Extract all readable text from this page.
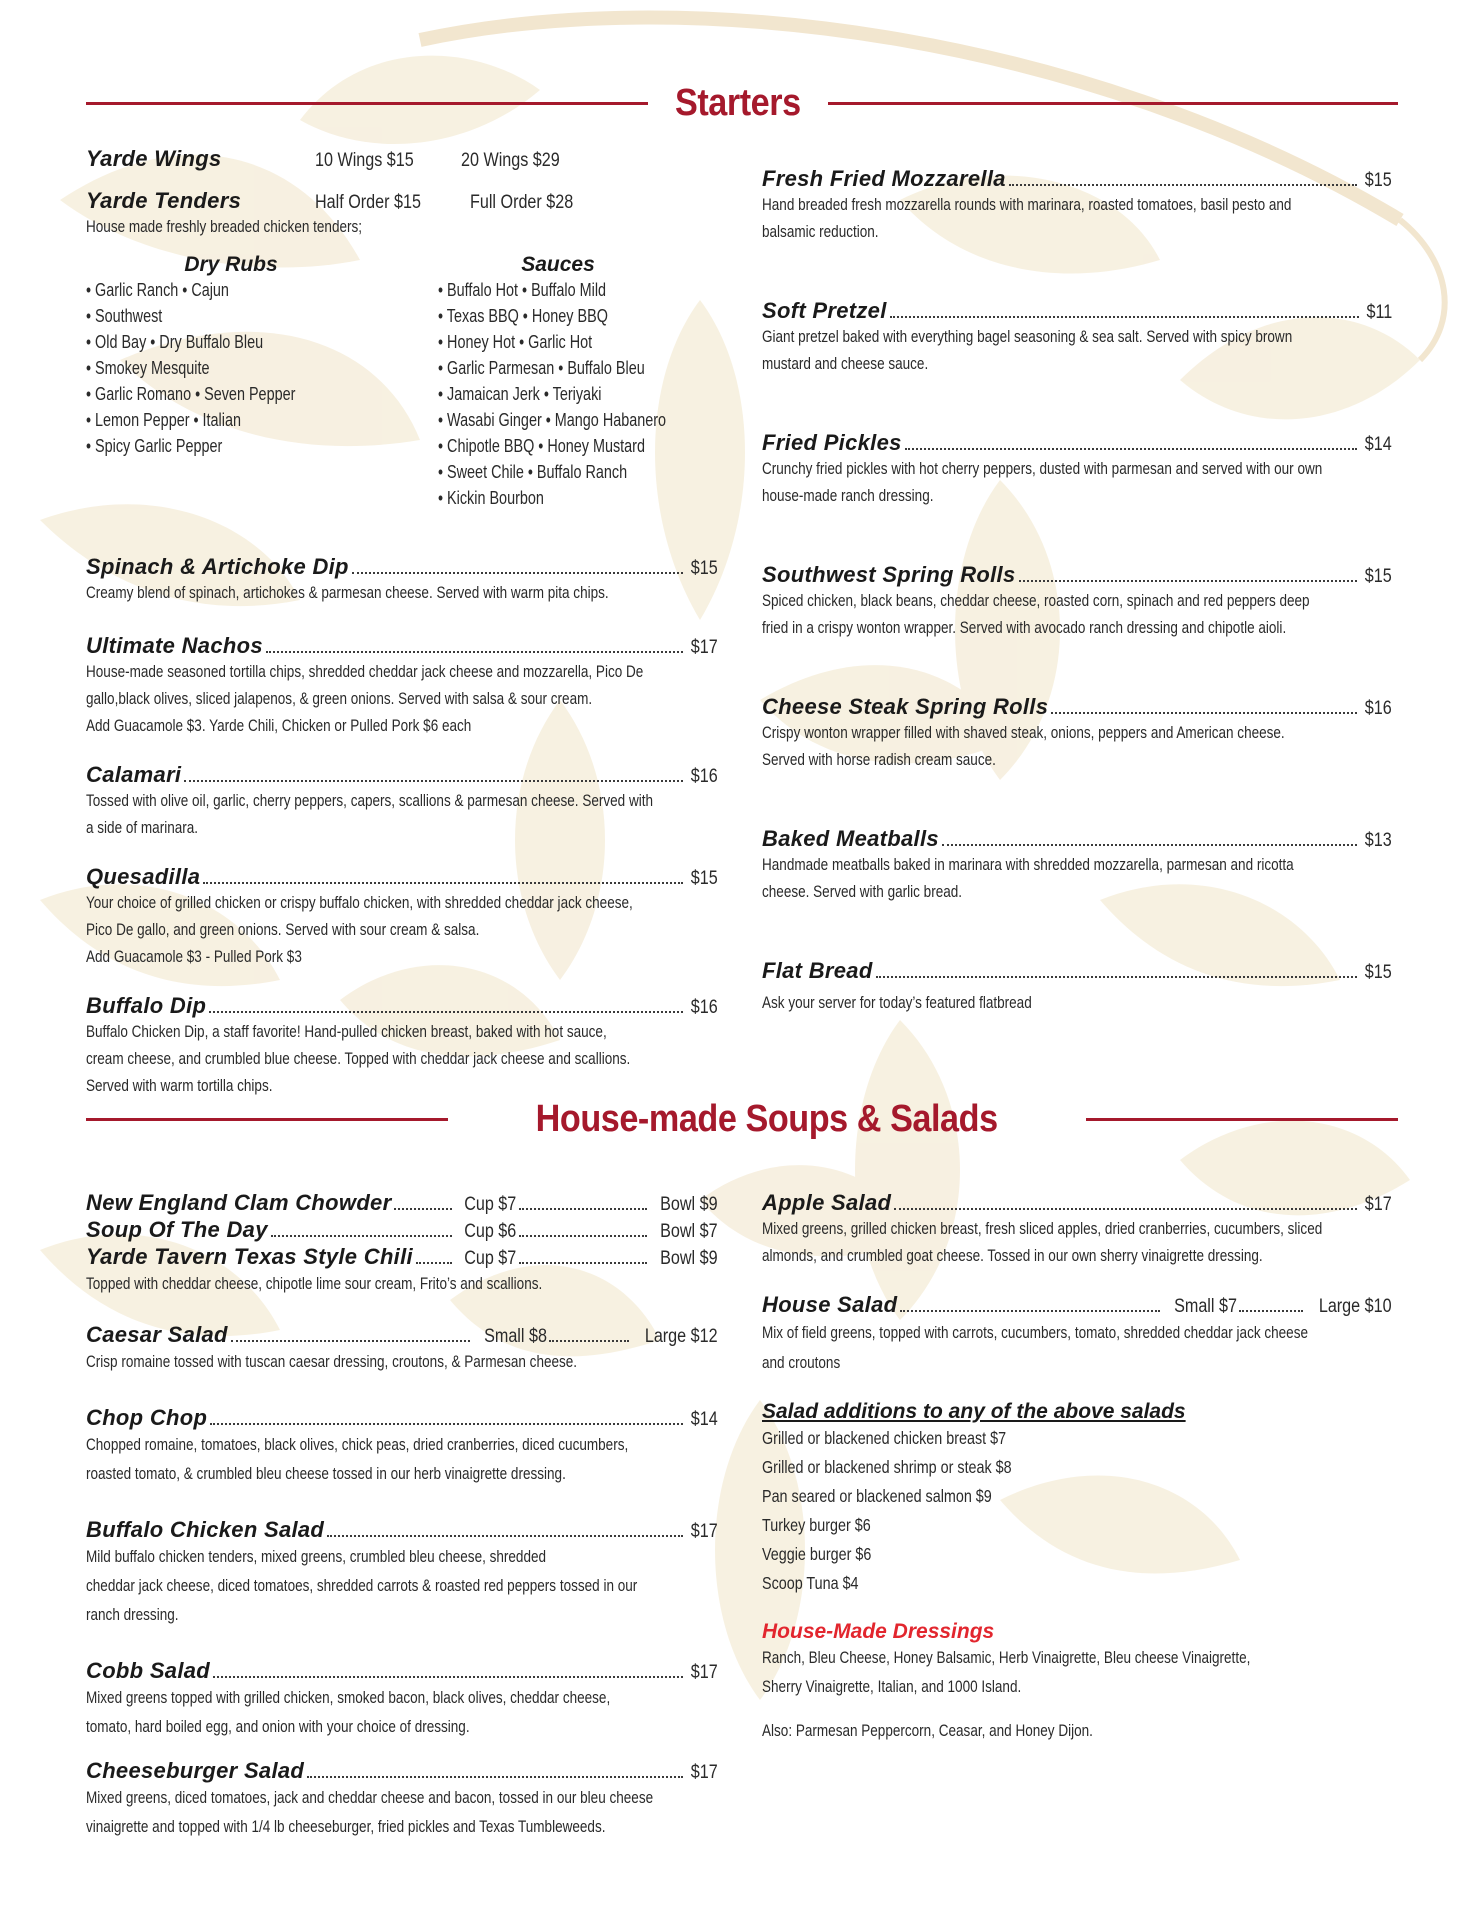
Starters
Yarde Wings	10 Wings $15 20 Wings $29
Yarde Tenders	Half Order $15	Full Order $28
House made freshly breaded chicken tenders;
Dry Rubs
• Garlic Ranch • Cajun
• Southwest
• Old Bay • Dry Buffalo Bleu
• Smokey Mesquite
• Garlic Romano • Seven Pepper
• Lemon Pepper • Italian
• Spicy Garlic Pepper
Sauces
• Buffalo Hot • Buffalo Mild
• Texas BBQ • Honey BBQ
• Honey Hot • Garlic Hot
• Garlic Parmesan • Buffalo Bleu
• Jamaican Jerk • Teriyaki
• Wasabi Ginger • Mango Habanero
• Chipotle BBQ • Honey Mustard
• Sweet Chile • Buffalo Ranch
• Kickin Bourbon
Spinach & Artichoke Dip	$15
Creamy blend of spinach, artichokes & parmesan cheese. Served with warm pita chips.
Ultimate Nachos	$17
House-made seasoned tortilla chips, shredded cheddar jack cheese and mozzarella, Pico De
gallo,black olives, sliced jalapenos, & green onions. Served with salsa & sour cream.
Add Guacamole $3. Yarde Chili, Chicken or Pulled Pork $6 each
Calamari	$16
Tossed with olive oil, garlic, cherry peppers, capers, scallions & parmesan cheese. Served with
a side of marinara.
Quesadilla	$15
Your choice of grilled chicken or crispy buffalo chicken, with shredded cheddar jack cheese,
Pico De gallo, and green onions. Served with sour cream & salsa.
Add Guacamole $3 - Pulled Pork $3
Buffalo Dip	$16
Buffalo Chicken Dip, a staff favorite! Hand-pulled chicken breast, baked with hot sauce,
cream cheese, and crumbled blue cheese. Topped with cheddar jack cheese and scallions.
Served with warm tortilla chips.
Fresh Fried Mozzarella	$15
Hand breaded fresh mozzarella rounds with marinara, roasted tomatoes, basil pesto and
balsamic reduction.
Soft Pretzel	$11
Giant pretzel baked with everything bagel seasoning & sea salt. Served with spicy brown
mustard and cheese sauce.
Fried Pickles	$14
Crunchy fried pickles with hot cherry peppers, dusted with parmesan and served with our own
house-made ranch dressing.
Southwest Spring Rolls	$15
Spiced chicken, black beans, cheddar cheese, roasted corn, spinach and red peppers deep
fried in a crispy wonton wrapper. Served with avocado ranch dressing and chipotle aioli.
Cheese Steak Spring Rolls	$16
Crispy wonton wrapper filled with shaved steak, onions, peppers and American cheese.
Served with horse radish cream sauce.
Baked Meatballs	$13
Handmade meatballs baked in marinara with shredded mozzarella, parmesan and ricotta
cheese. Served with garlic bread.
Flat Bread	$15
Ask your server for today’s featured flatbread
House-made Soups & Salads
New England Clam Chowder	Cup $7	Bowl $9
Soup Of The Day	Cup $6	Bowl $7
Yarde Tavern Texas Style Chili	Cup $7	Bowl $9
Topped with cheddar cheese, chipotle lime sour cream, Frito’s and scallions.
Caesar Salad	Small $8	Large $12
Crisp romaine tossed with tuscan caesar dressing, croutons, & Parmesan cheese.
Chop Chop	$14
Chopped romaine, tomatoes, black olives, chick peas, dried cranberries, diced cucumbers,
roasted tomato, & crumbled bleu cheese tossed in our herb vinaigrette dressing.
Buffalo Chicken Salad	$17
Mild buffalo chicken tenders, mixed greens, crumbled bleu cheese, shredded
cheddar jack cheese, diced tomatoes, shredded carrots & roasted red peppers tossed in our
ranch dressing.
Cobb Salad	$17
Mixed greens topped with grilled chicken, smoked bacon, black olives, cheddar cheese,
tomato, hard boiled egg, and onion with your choice of dressing.
Cheeseburger Salad	$17
Mixed greens, diced tomatoes, jack and cheddar cheese and bacon, tossed in our bleu cheese
vinaigrette and topped with 1/4 lb cheeseburger, fried pickles and Texas Tumbleweeds.
Apple Salad	$17
Mixed greens, grilled chicken breast, fresh sliced apples, dried cranberries, cucumbers, sliced
almonds, and crumbled goat cheese. Tossed in our own sherry vinaigrette dressing.
House Salad	Small $7	Large $10
Mix of field greens, topped with carrots, cucumbers, tomato, shredded cheddar jack cheese
and croutons
Salad additions to any of the above salads
Grilled or blackened chicken breast $7
Grilled or blackened shrimp or steak $8
Pan seared or blackened salmon $9
Turkey burger $6
Veggie burger $6
Scoop Tuna $4
House-Made Dressings
Ranch, Bleu Cheese, Honey Balsamic, Herb Vinaigrette, Bleu cheese Vinaigrette,
Sherry Vinaigrette, Italian, and 1000 Island.
Also: Parmesan Peppercorn, Ceasar, and Honey Dijon.
